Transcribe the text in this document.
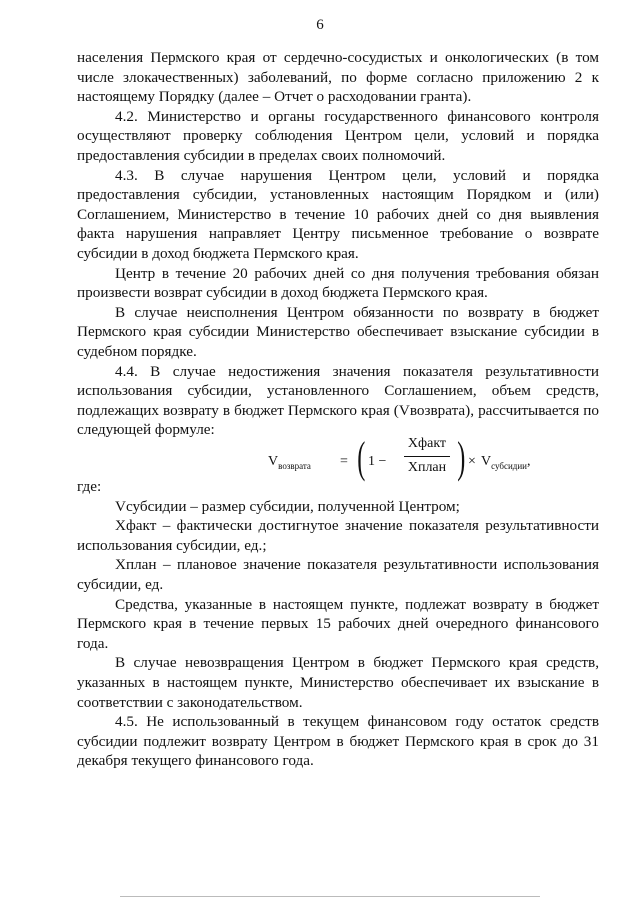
6

населения Пермского края от сердечно-сосудистых и онкологических (в том числе злокачественных) заболеваний, по форме согласно приложению 2 к настоящему Порядку (далее – Отчет о расходовании гранта).

4.2. Министерство и органы государственного финансового контроля осуществляют проверку соблюдения Центром цели, условий и порядка предоставления субсидии в пределах своих полномочий.

4.3. В случае нарушения Центром цели, условий и порядка предоставления субсидии, установленных настоящим Порядком и (или) Соглашением, Министерство в течение 10 рабочих дней со дня выявления факта нарушения направляет Центру письменное требование о возврате субсидии в доход бюджета Пермского края.

Центр в течение 20 рабочих дней со дня получения требования обязан произвести возврат субсидии в доход бюджета Пермского края.

В случае неисполнения Центром обязанности по возврату в бюджет Пермского края субсидии Министерство обеспечивает взыскание субсидии в судебном порядке.

4.4. В случае недостижения значения показателя результативности использования субсидии, установленного Соглашением, объем средств, подлежащих возврату в бюджет Пермского края (Vвозврата), рассчитывается по следующей формуле:

$V_{возврата}$ = ( 1 −
Xфакт
Xплан ) × $V_{субсидии}$,

где:

Vсубсидии – размер субсидии, полученной Центром;

Xфакт – фактически достигнутое значение показателя результативности использования субсидии, ед.;

Xплан – плановое значение показателя результативности использования субсидии, ед.

Средства, указанные в настоящем пункте, подлежат возврату в бюджет Пермского края в течение первых 15 рабочих дней очередного финансового года.

В случае невозвращения Центром в бюджет Пермского края средств, указанных в настоящем пункте, Министерство обеспечивает их взыскание в соответствии с законодательством.

4.5. Не использованный в текущем финансовом году остаток средств субсидии подлежит возврату Центром в бюджет Пермского края в срок до 31 декабря текущего финансового года.
